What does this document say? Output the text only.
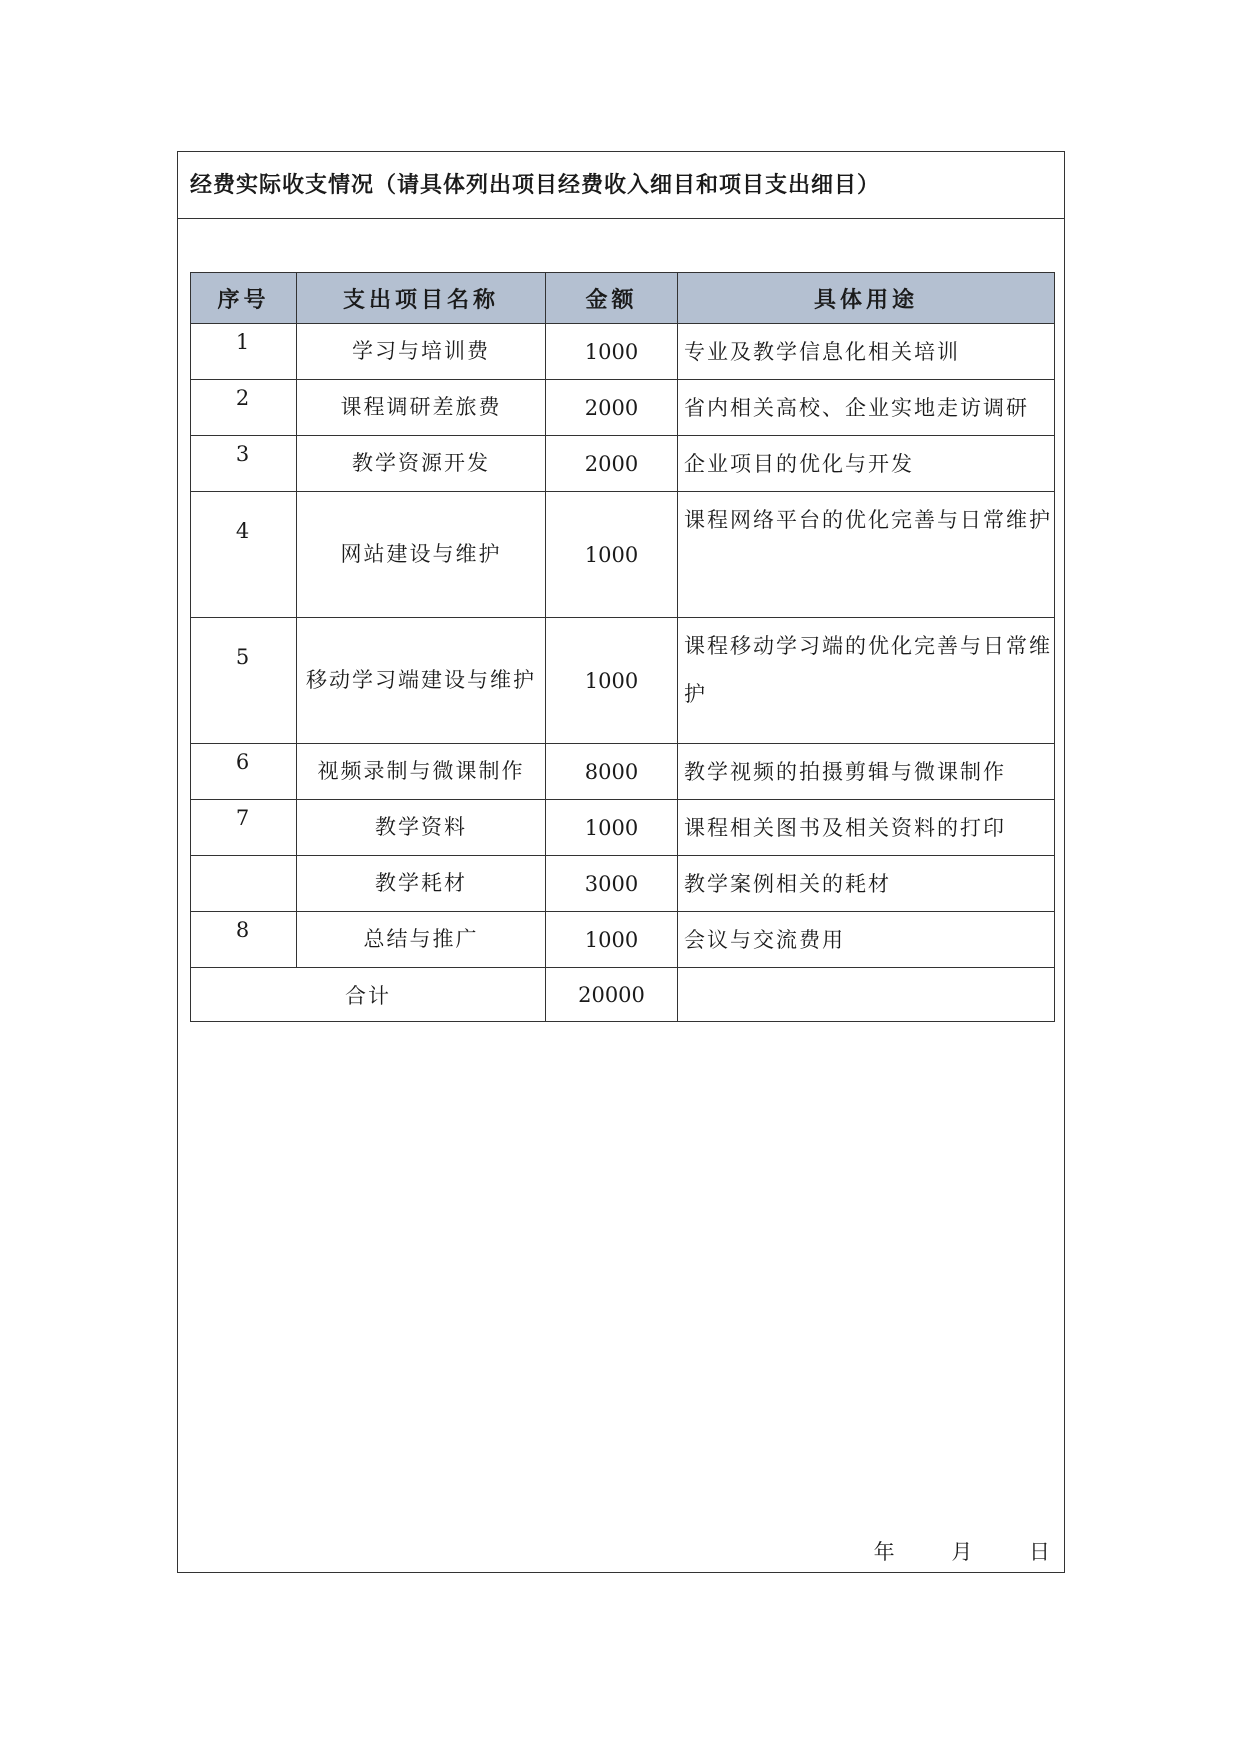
经费实际收支情况（请具体列出项目经费收入细目和项目支出细目）
序号	支出项目名称	金额	具体用途
1	学习与培训费	1000	专业及教学信息化相关培训
2	课程调研差旅费	2000	省内相关高校、企业实地走访调研
3	教学资源开发	2000	企业项目的优化与开发
4	网站建设与维护	1000	课程网络平台的优化完善与日常维护
5	移动学习端建设与维护	1000	课程移动学习端的优化完善与日常维护
6	视频录制与微课制作	8000	教学视频的拍摄剪辑与微课制作
7	教学资料	1000	课程相关图书及相关资料的打印
	教学耗材	3000	教学案例相关的耗材
8	总结与推广	1000	会议与交流费用
合计		20000	
年	月	日
